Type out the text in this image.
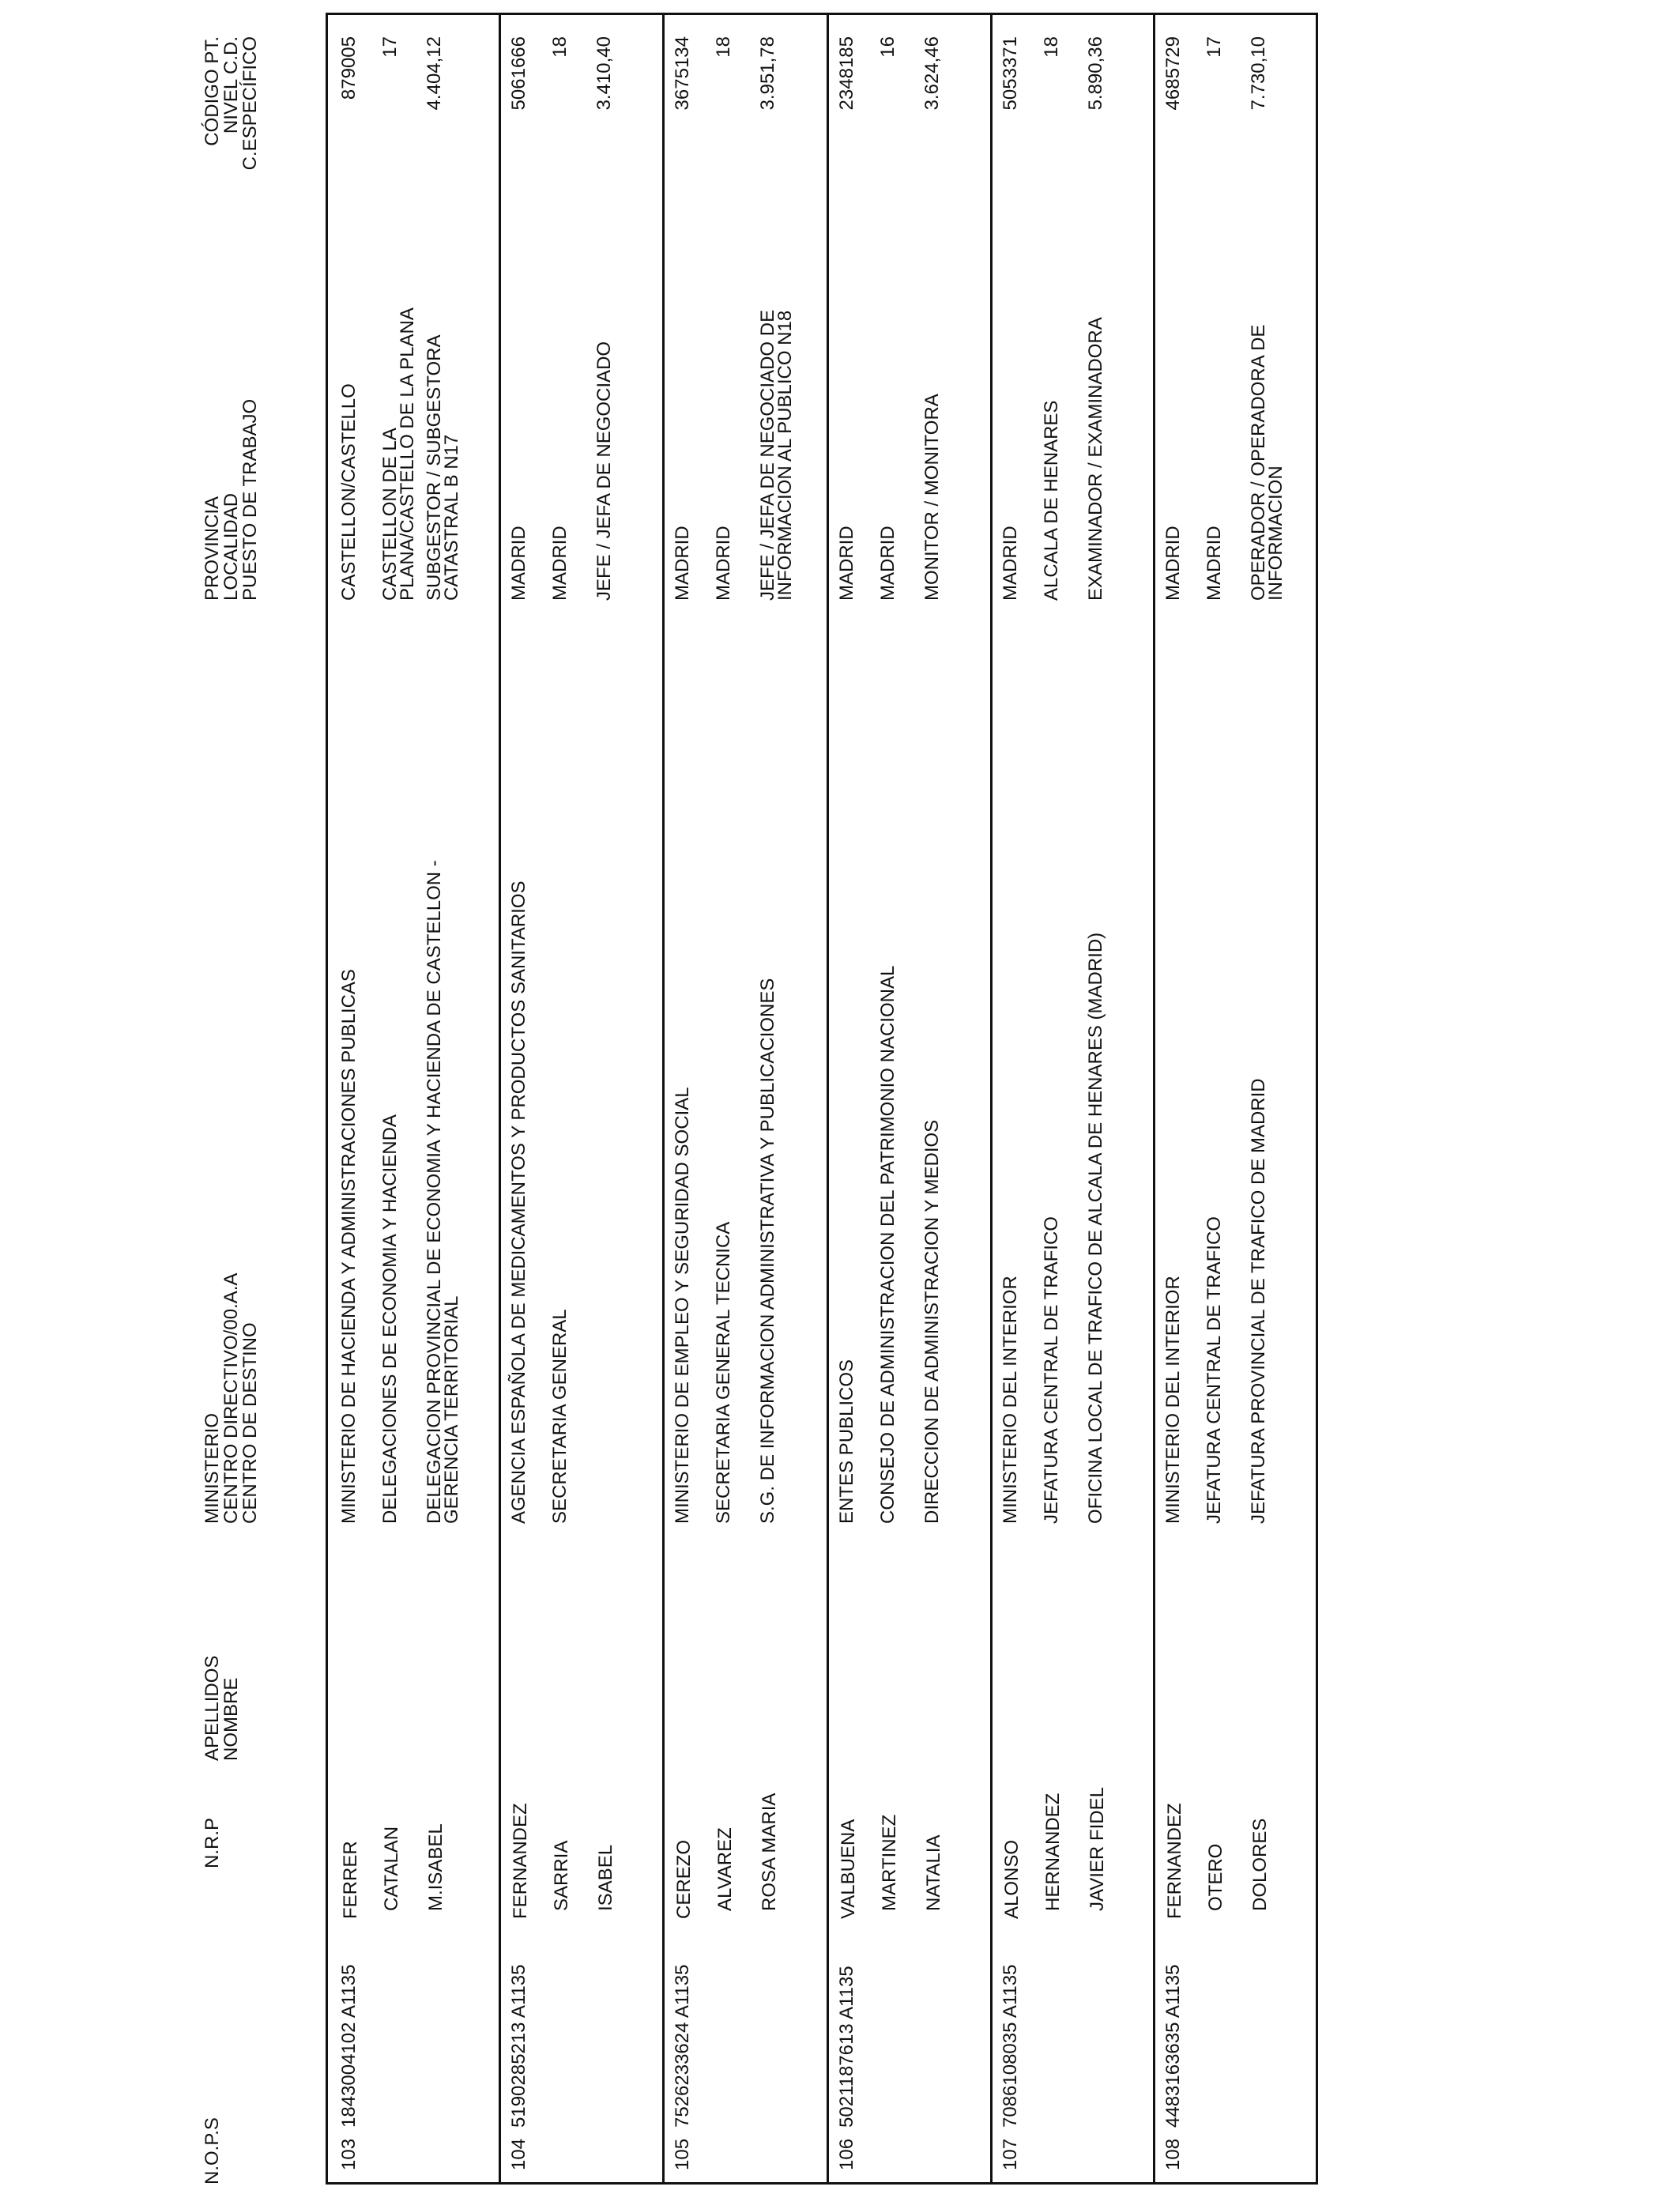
N.O.P.S
N.R.P
APELLIDOS
NOMBRE
MINISTERIO
CENTRO DIRECTIVO/00.A.A
CENTRO DE DESTINO
PROVINCIA
LOCALIDAD
PUESTO DE TRABAJO
CÓDIGO PT.
NIVEL C.D.
C.ESPECÍFICO
103
1843004102 A1135
FERRER CATALAN M.ISABEL
MINISTERIO DE HACIENDA Y ADMINISTRACIONES PUBLICAS DELEGACIONES DE ECONOMIA Y HACIENDA DELEGACION PROVINCIAL DE ECONOMIA Y HACIENDA DE CASTELLON -
GERENCIA TERRITORIAL
CASTELLON/CASTELLO CASTELLON DE LA
PLANA/CASTELLO DE LA PLANA SUBGESTOR / SUBGESTORA
CATASTRAL B N17
879005 17 4.404,12
104
5190285213 A1135
FERNANDEZ SARRIA ISABEL
AGENCIA ESPAÑOLA DE MEDICAMENTOS Y PRODUCTOS SANITARIOS SECRETARIA GENERAL
MADRID MADRID JEFE / JEFA DE NEGOCIADO
5061666 18 3.410,40
105
7526233624 A1135
CEREZO ALVAREZ ROSA MARIA
MINISTERIO DE EMPLEO Y SEGURIDAD SOCIAL SECRETARIA GENERAL TECNICA S.G. DE INFORMACION ADMINISTRATIVA Y PUBLICACIONES
MADRID MADRID JEFE / JEFA DE NEGOCIADO DE
INFORMACION AL PUBLICO N18
3675134 18 3.951,78
106
5021187613 A1135
VALBUENA MARTINEZ NATALIA
ENTES PUBLICOS CONSEJO DE ADMINISTRACION DEL PATRIMONIO NACIONAL DIRECCION DE ADMINISTRACION Y MEDIOS
MADRID MADRID MONITOR / MONITORA
2348185 16 3.624,46
107
7086108035 A1135
ALONSO HERNANDEZ JAVIER FIDEL
MINISTERIO DEL INTERIOR JEFATURA CENTRAL DE TRAFICO OFICINA LOCAL DE TRAFICO DE ALCALA DE HENARES (MADRID)
MADRID ALCALA DE HENARES EXAMINADOR / EXAMINADORA
5053371 18 5.890,36
108
4483163635 A1135
FERNANDEZ OTERO DOLORES
MINISTERIO DEL INTERIOR JEFATURA CENTRAL DE TRAFICO JEFATURA PROVINCIAL DE TRAFICO DE MADRID
MADRID MADRID OPERADOR / OPERADORA DE
INFORMACION
4685729 17 7.730,10
